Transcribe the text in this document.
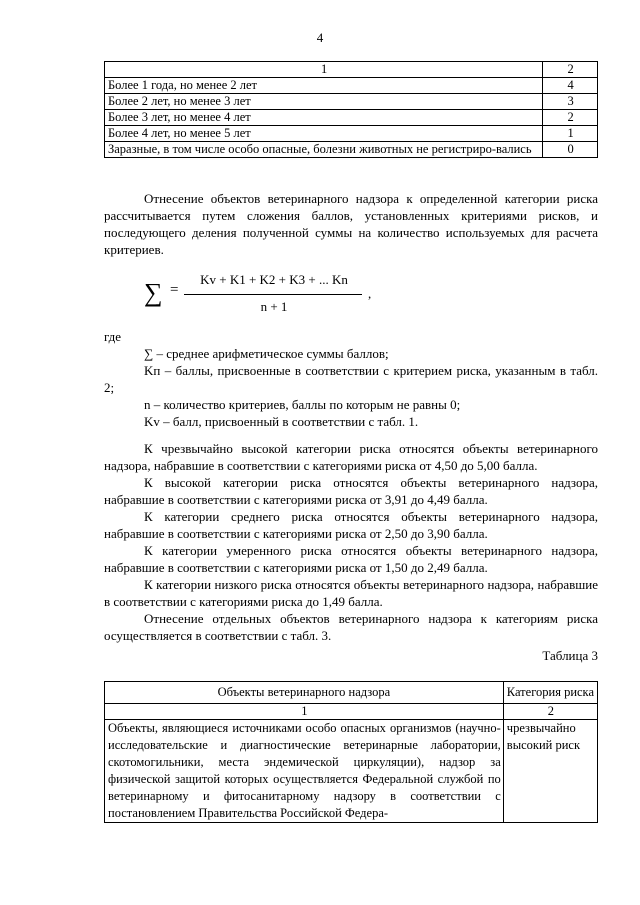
4
1	2
Более 1 года, но менее 2 лет	4
Более 2 лет, но менее 3 лет	3
Более 3 лет, но менее 4 лет	2
Более 4 лет, но менее 5 лет	1
Заразные, в том числе особо опасные, болезни животных не регистриро-вались	0
Отнесение объектов ветеринарного надзора к определенной категории риска рассчитывается путем сложения баллов, установленных критериями рисков, и последующего деления полученной суммы на количество используемых для расчета критериев.
∑ =
Kv + K1 + K2 + K3 + ... Kn
n + 1
,
где
∑ – среднее арифметическое суммы баллов;
Kп – баллы, присвоенные в соответствии с критерием риска, указанным в табл. 2;
n – количество критериев, баллы по которым не равны 0;
Kv – балл, присвоенный в соответствии с табл. 1.
К чрезвычайно высокой категории риска относятся объекты ветеринарного надзора, набравшие в соответствии с категориями риска от 4,50 до 5,00 балла.
К высокой категории риска относятся объекты ветеринарного надзора, набравшие в соответствии с категориями риска от 3,91 до 4,49 балла.
К категории среднего риска относятся объекты ветеринарного надзора, набравшие в соответствии с категориями риска от 2,50 до 3,90 балла.
К категории умеренного риска относятся объекты ветеринарного надзора, набравшие в соответствии с категориями риска от 1,50 до 2,49 балла.
К категории низкого риска относятся объекты ветеринарного надзора, набравшие в соответствии с категориями риска до 1,49 балла.
Отнесение отдельных объектов ветеринарного надзора к категориям риска осуществляется в соответствии с табл. 3.
Таблица 3
Объекты ветеринарного надзора	Категория риска
1	2
Объекты, являющиеся источниками особо опасных организмов (научно-исследовательские и диагностические ветеринарные лаборатории, скотомогильники, места эндемической циркуляции), надзор за физической защитой которых осуществляется Федеральной службой по ветеринарному и фитосанитарному надзору в соответствии с постановлением Правительства Российской Федера-	чрезвычайно высокий риск
